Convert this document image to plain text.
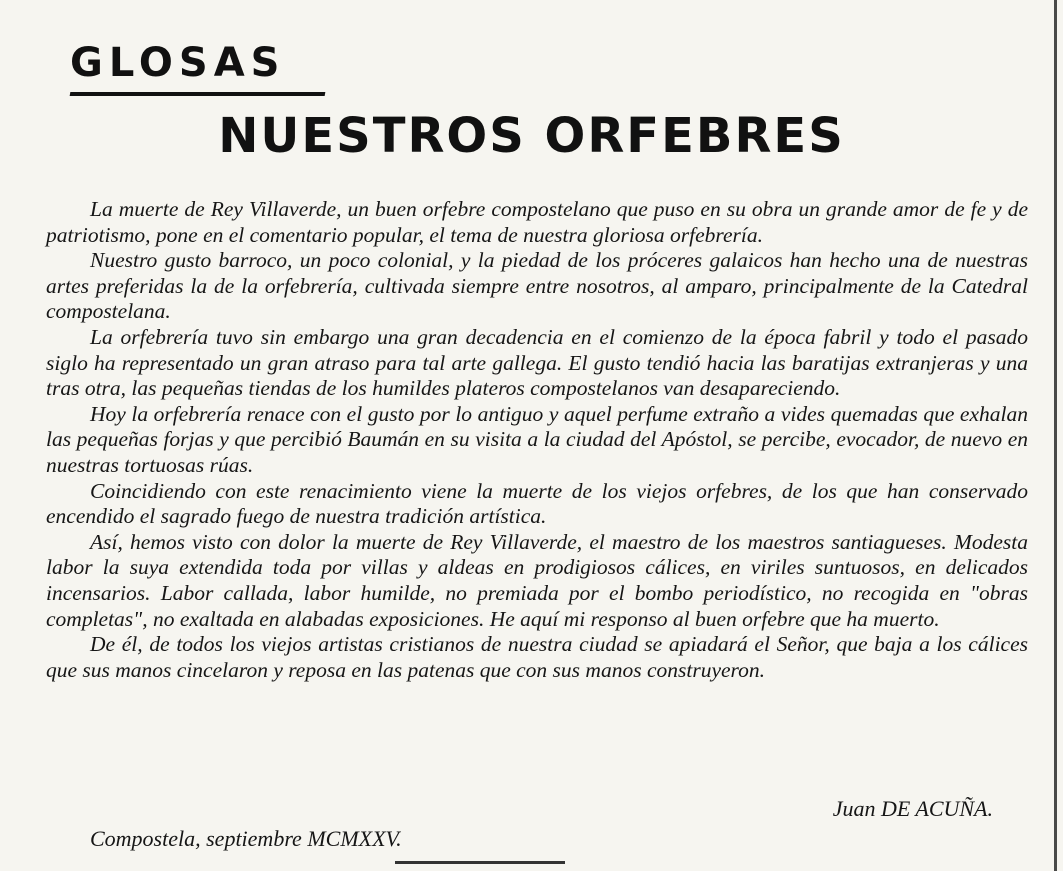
GLOSAS
NUESTROS ORFEBRES

La muerte de Rey Villaverde, un buen orfebre compostelano que puso en su obra un grande amor de fe y de patriotismo, pone en el comentario popular, el tema de nuestra gloriosa orfebrería.

Nuestro gusto barroco, un poco colonial, y la piedad de los próceres galaicos han hecho una de nuestras artes preferidas la de la orfebrería, cultivada siempre entre nosotros, al amparo, principalmente de la Catedral compostelana.

La orfebrería tuvo sin embargo una gran decadencia en el comienzo de la época fabril y todo el pasado siglo ha representado un gran atraso para tal arte gallega. El gusto tendió hacia las baratijas extranjeras y una tras otra, las pequeñas tiendas de los humildes plateros compostelanos van desapareciendo.

Hoy la orfebrería renace con el gusto por lo antiguo y aquel perfume extraño a vides quemadas que exhalan las pequeñas forjas y que percibió Baumán en su visita a la ciudad del Apóstol, se percibe, evocador, de nuevo en nuestras tortuosas rúas.

Coincidiendo con este renacimiento viene la muerte de los viejos orfebres, de los que han conservado encendido el sagrado fuego de nuestra tradición artística.

Así, hemos visto con dolor la muerte de Rey Villaverde, el maestro de los maestros santiagueses. Modesta labor la suya extendida toda por villas y aldeas en prodigiosos cálices, en viriles suntuosos, en delicados incensarios. Labor callada, labor humilde, no premiada por el bombo periodístico, no recogida en "obras completas", no exaltada en alabadas exposiciones. He aquí mi responso al buen orfebre que ha muerto.

De él, de todos los viejos artistas cristianos de nuestra ciudad se apiadará el Señor, que baja a los cálices que sus manos cincelaron y reposa en las patenas que con sus manos construyeron.

Juan DE ACUÑA.
Compostela, septiembre MCMXXV.
